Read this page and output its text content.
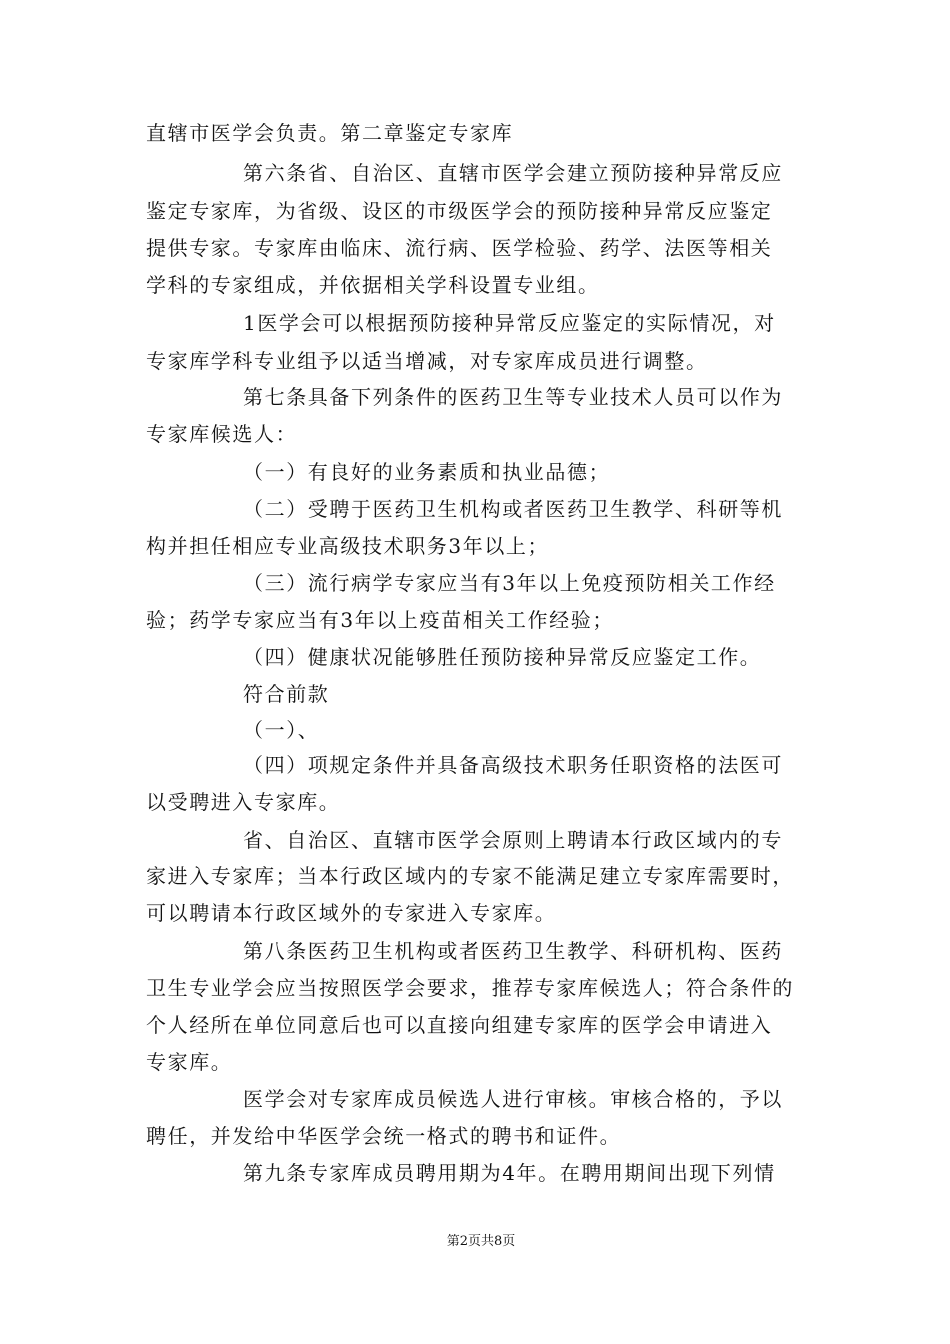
直辖市医学会负责。第二章鉴定专家库
第六条省、自治区、直辖市医学会建立预防接种异常反应
鉴定专家库，为省级、设区的市级医学会的预防接种异常反应鉴定
提供专家。专家库由临床、流行病、医学检验、药学、法医等相关
学科的专家组成，并依据相关学科设置专业组。
1医学会可以根据预防接种异常反应鉴定的实际情况，对
专家库学科专业组予以适当增减，对专家库成员进行调整。
第七条具备下列条件的医药卫生等专业技术人员可以作为
专家库候选人：
（一）有良好的业务素质和执业品德；
（二）受聘于医药卫生机构或者医药卫生教学、科研等机
构并担任相应专业高级技术职务3年以上；
（三）流行病学专家应当有3年以上免疫预防相关工作经
验；药学专家应当有3年以上疫苗相关工作经验；
（四）健康状况能够胜任预防接种异常反应鉴定工作。
符合前款
（一）、
（四）项规定条件并具备高级技术职务任职资格的法医可
以受聘进入专家库。
省、自治区、直辖市医学会原则上聘请本行政区域内的专
家进入专家库；当本行政区域内的专家不能满足建立专家库需要时，
可以聘请本行政区域外的专家进入专家库。
第八条医药卫生机构或者医药卫生教学、科研机构、医药
卫生专业学会应当按照医学会要求，推荐专家库候选人；符合条件的
个人经所在单位同意后也可以直接向组建专家库的医学会申请进入
专家库。
医学会对专家库成员候选人进行审核。审核合格的，予以
聘任，并发给中华医学会统一格式的聘书和证件。
第九条专家库成员聘用期为4年。在聘用期间出现下列情
第2页共8页
